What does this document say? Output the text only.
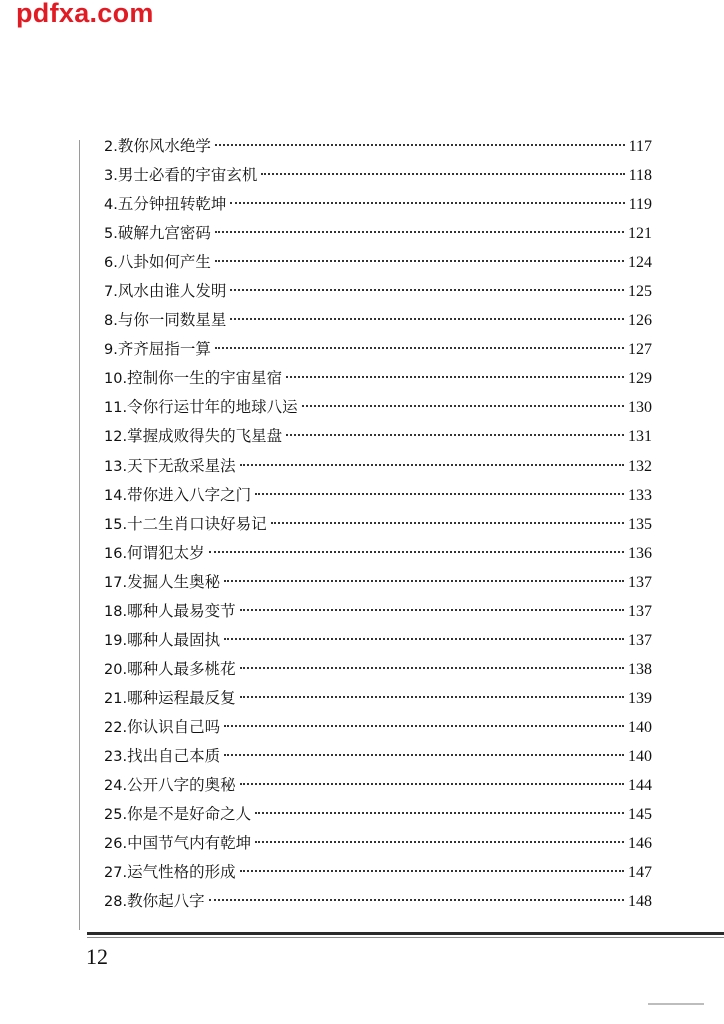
pdfxa.com
2. 教你风水绝学	117
3. 男士必看的宇宙玄机	118
4. 五分钟扭转乾坤	119
5. 破解九宫密码	121
6. 八卦如何产生	124
7. 风水由谁人发明	125
8. 与你一同数星星	126
9. 齐齐屈指一算	127
10. 控制你一生的宇宙星宿	129
11. 令你行运廿年的地球八运	130
12. 掌握成败得失的飞星盘	131
13. 天下无敌采星法	132
14. 带你进入八字之门	133
15. 十二生肖口诀好易记	135
16. 何谓犯太岁	136
17. 发掘人生奥秘	137
18. 哪种人最易变节	137
19. 哪种人最固执	137
20. 哪种人最多桃花	138
21. 哪种运程最反复	139
22. 你认识自己吗	140
23. 找出自己本质	140
24. 公开八字的奥秘	144
25. 你是不是好命之人	145
26. 中国节气内有乾坤	146
27. 运气性格的形成	147
28. 教你起八字	148
12
